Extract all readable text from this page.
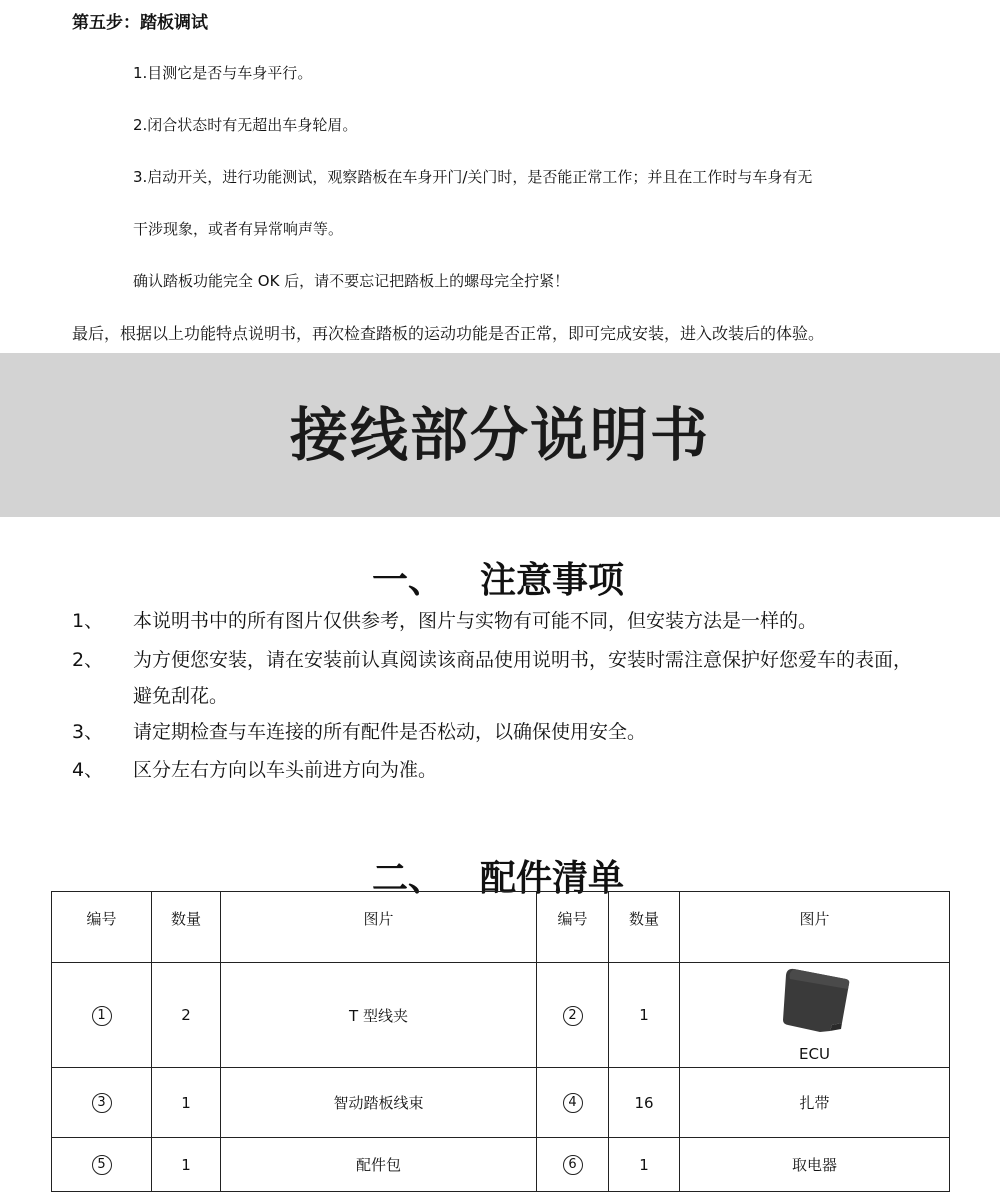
第五步：踏板调试
1.目测它是否与车身平行。
2.闭合状态时有无超出车身轮眉。
3.启动开关，进行功能测试，观察踏板在车身开门/关门时，是否能正常工作；并且在工作时与车身有无
干涉现象，或者有异常响声等。
确认踏板功能完全 OK 后，请不要忘记把踏板上的螺母完全拧紧！
最后，根据以上功能特点说明书，再次检查踏板的运动功能是否正常，即可完成安装，进入改装后的体验。
接线部分说明书
一、 注意事项
1、 本说明书中的所有图片仅供参考，图片与实物有可能不同，但安装方法是一样的。
2、 为方便您安装，请在安装前认真阅读该商品使用说明书，安装时需注意保护好您爱车的表面，
避免刮花。
3、 请定期检查与车连接的所有配件是否松动，以确保使用安全。
4、 区分左右方向以车头前进方向为准。
二、 配件清单
编号	数量	图片	编号	数量	图片
1	2	T 型线夹	2	1	ECU

3	1	智动踏板线束	4	16	扎带
5	1	配件包	6	1	取电器
